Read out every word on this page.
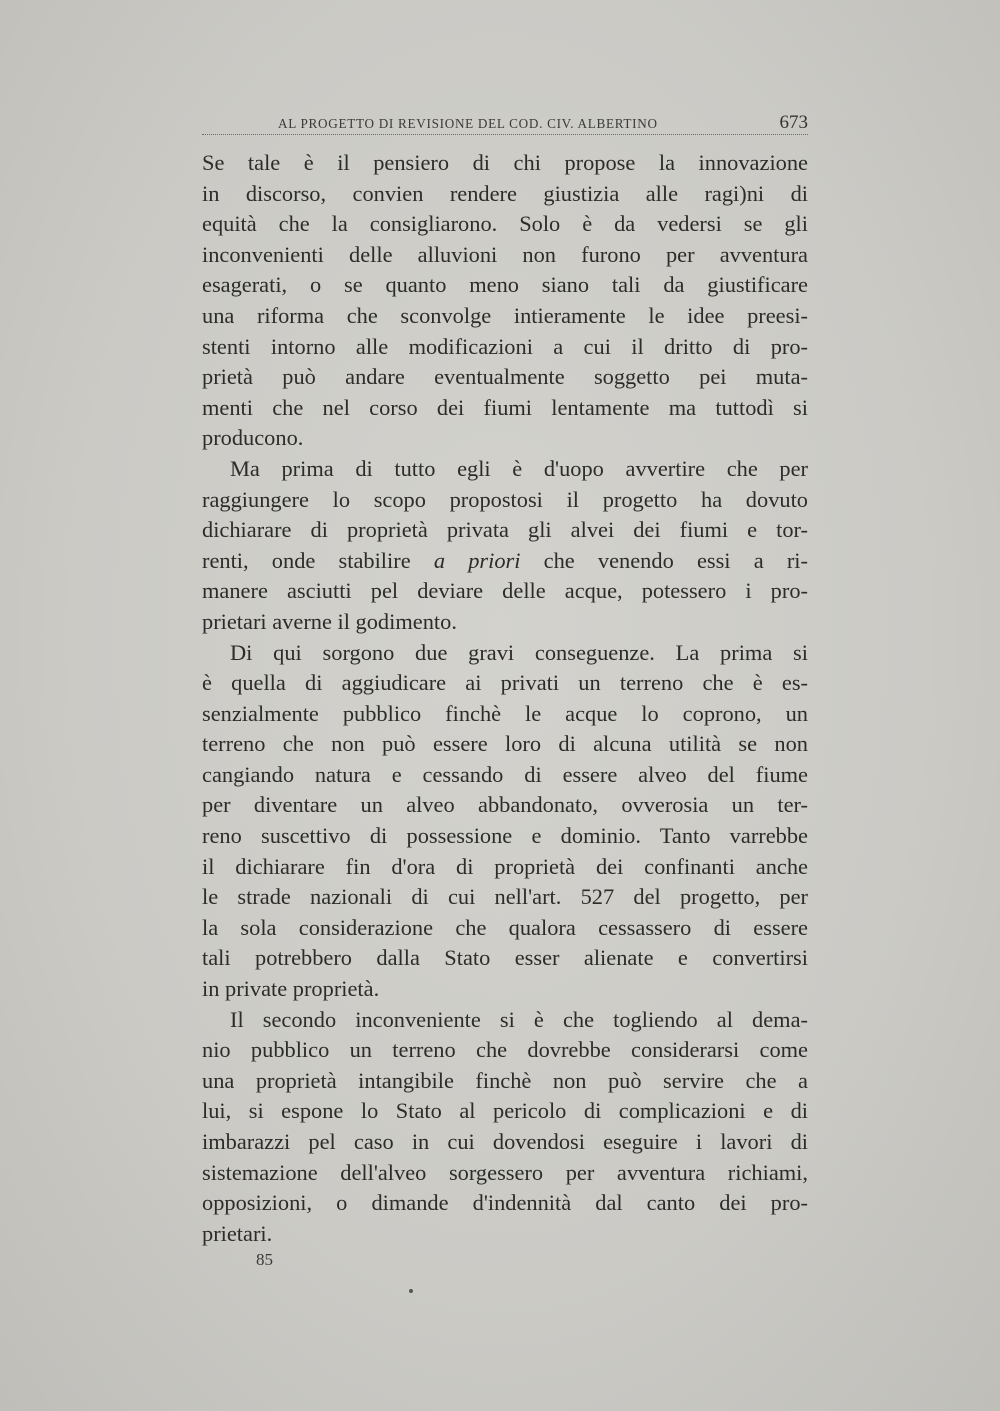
AL PROGETTO DI REVISIONE DEL COD. CIV. ALBERTINO	673
Se tale è il pensiero di chi propose la innovazione
in discorso, convien rendere giustizia alle ragi)ni di
equità che la consigliarono. Solo è da vedersi se gli
inconvenienti delle alluvioni non furono per avventura
esagerati, o se quanto meno siano tali da giustificare
una riforma che sconvolge intieramente le idee preesi-
stenti intorno alle modificazioni a cui il dritto di pro-
prietà può andare eventualmente soggetto pei muta-
menti che nel corso dei fiumi lentamente ma tuttodì si
producono.
Ma prima di tutto egli è d'uopo avvertire che per
raggiungere lo scopo propostosi il progetto ha dovuto
dichiarare di proprietà privata gli alvei dei fiumi e tor-
renti, onde stabilire a priori che venendo essi a ri-
manere asciutti pel deviare delle acque, potessero i pro-
prietari averne il godimento.
Di qui sorgono due gravi conseguenze. La prima si
è quella di aggiudicare ai privati un terreno che è es-
senzialmente pubblico finchè le acque lo coprono, un
terreno che non può essere loro di alcuna utilità se non
cangiando natura e cessando di essere alveo del fiume
per diventare un alveo abbandonato, ovverosia un ter-
reno suscettivo di possessione e dominio. Tanto varrebbe
il dichiarare fin d'ora di proprietà dei confinanti anche
le strade nazionali di cui nell'art. 527 del progetto, per
la sola considerazione che qualora cessassero di essere
tali potrebbero dalla Stato esser alienate e convertirsi
in private proprietà.
Il secondo inconveniente si è che togliendo al dema-
nio pubblico un terreno che dovrebbe considerarsi come
una proprietà intangibile finchè non può servire che a
lui, si espone lo Stato al pericolo di complicazioni e di
imbarazzi pel caso in cui dovendosi eseguire i lavori di
sistemazione dell'alveo sorgessero per avventura richiami,
opposizioni, o dimande d'indennità dal canto dei pro-
prietari.
85
